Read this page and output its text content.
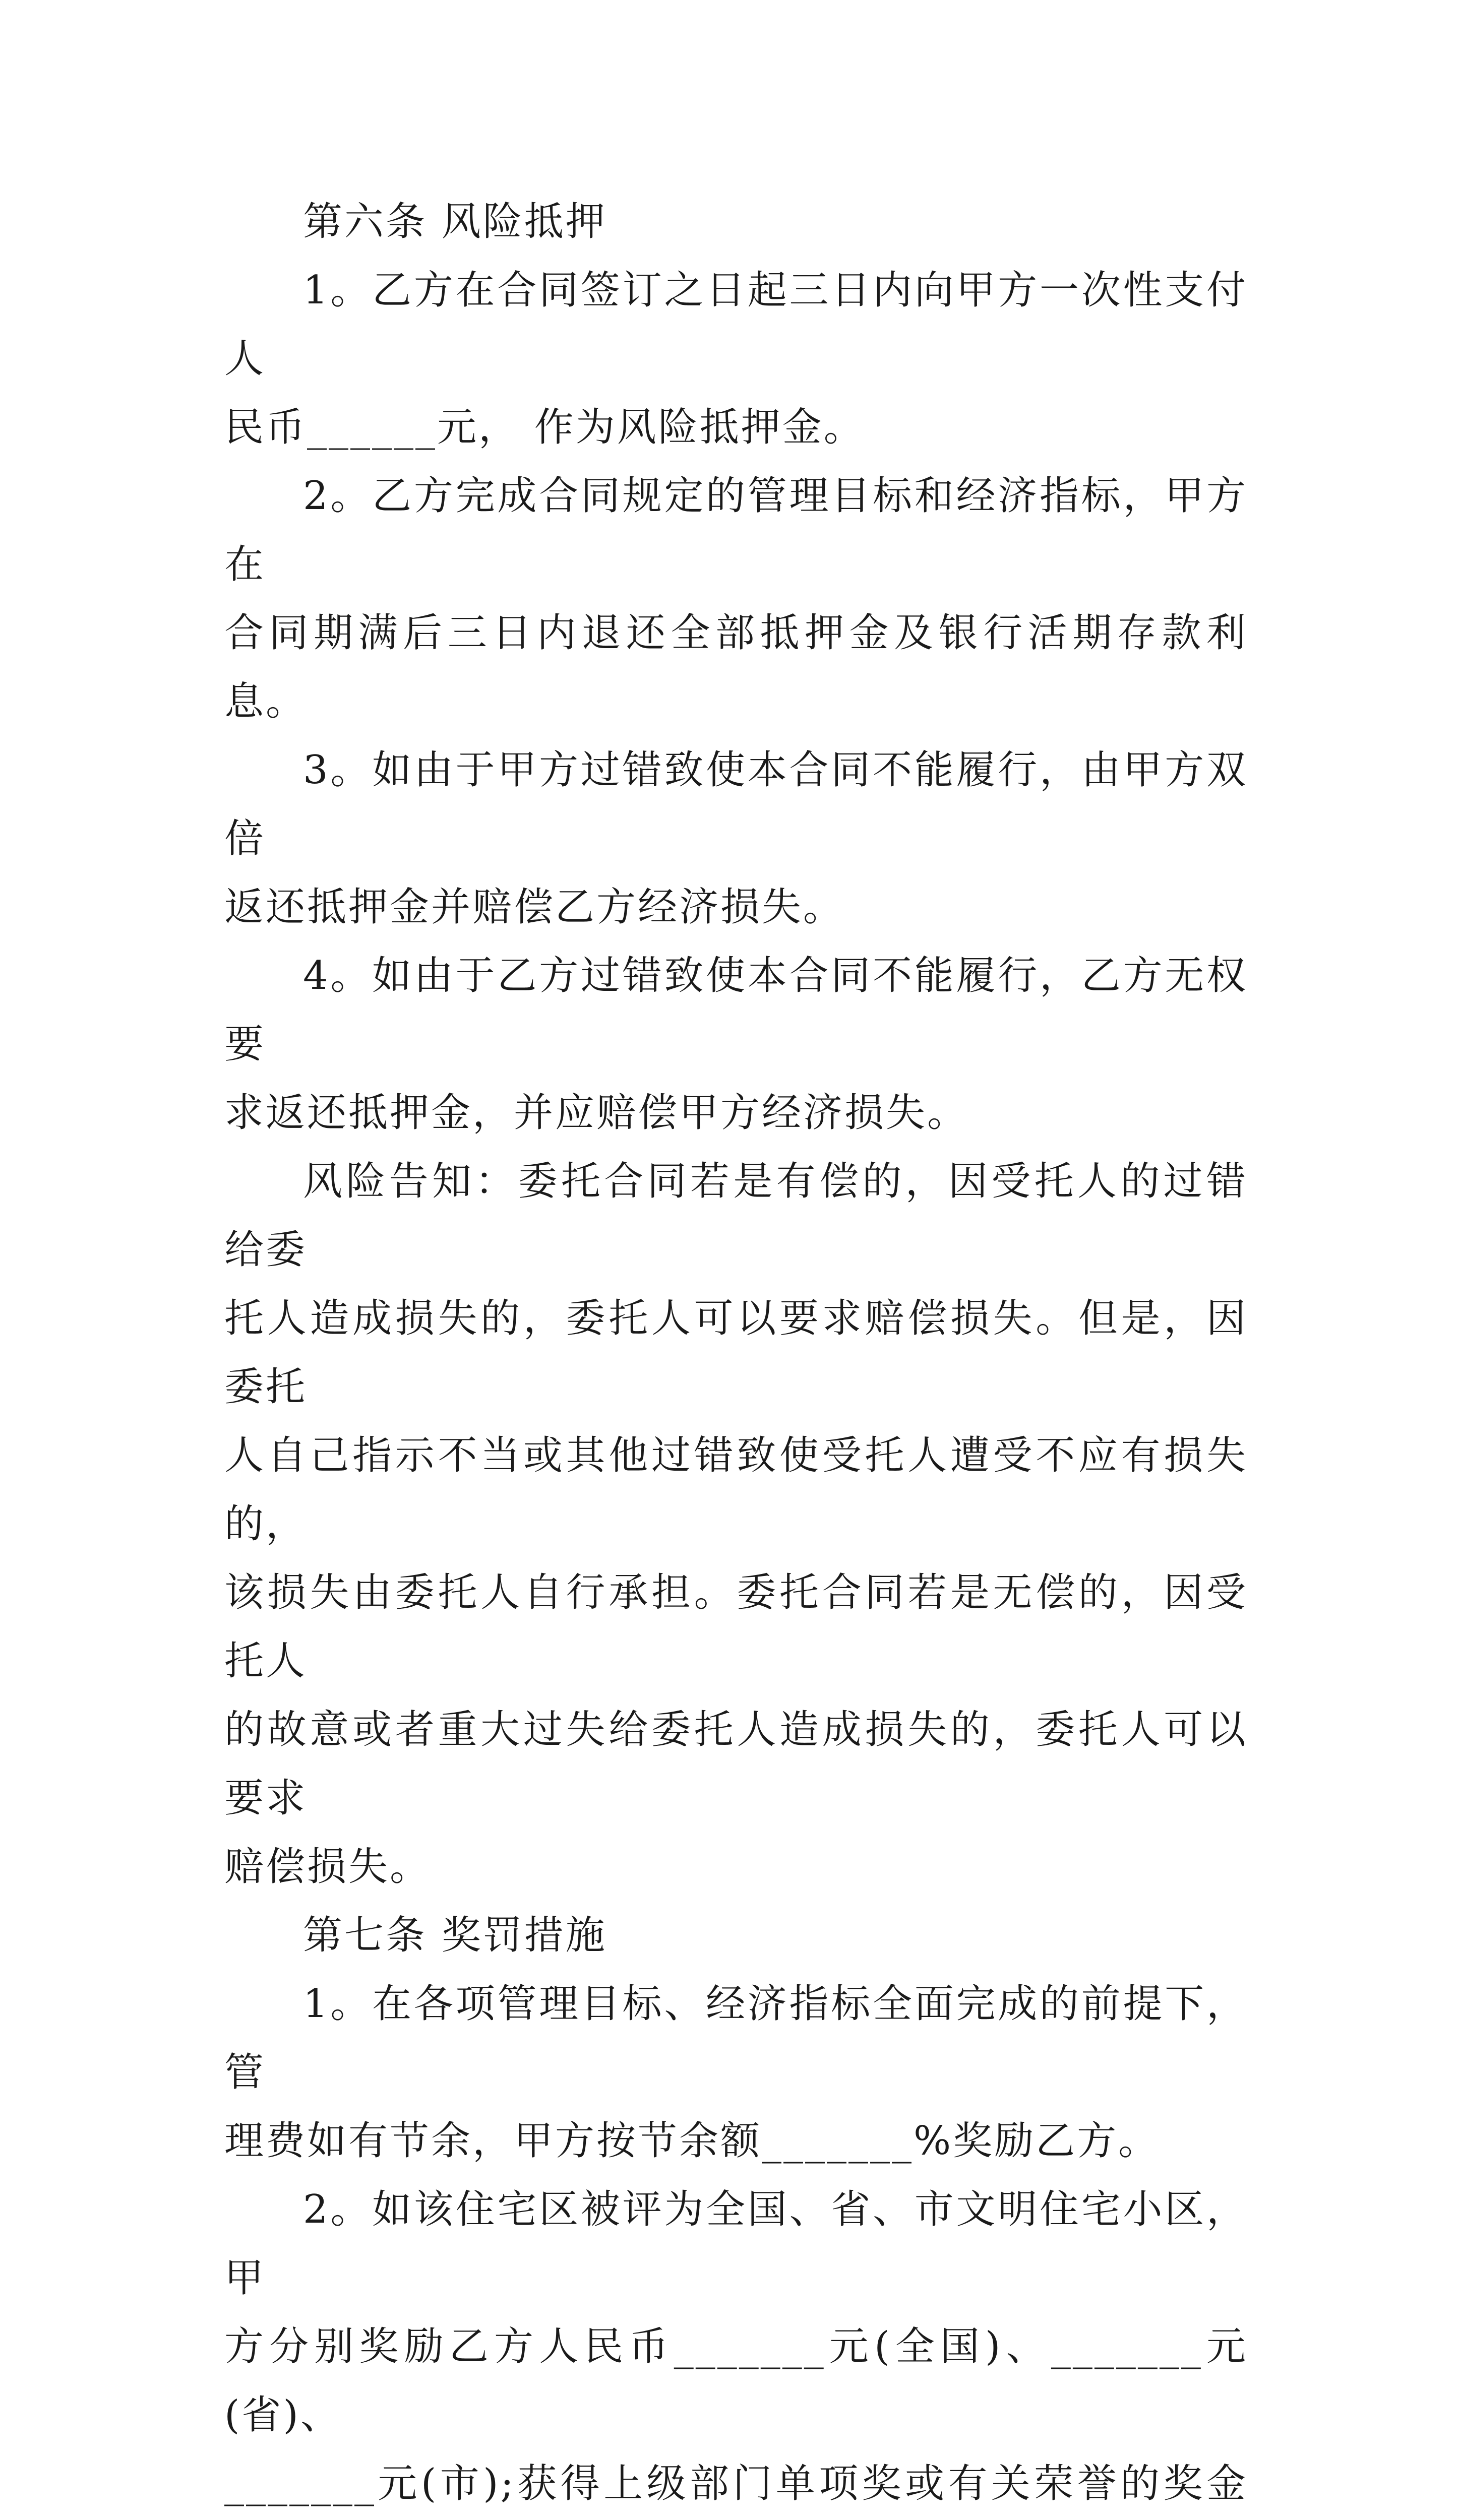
第六条 风险抵押
1。乙方在合同签订之日起三日内向甲方一次性支付人
民币______元， 作为风险抵押金。
2。乙方完成合同规定的管理目标和经济指标，甲方在
合同期满后三日内退还全部抵押金及银行活期存款利息。
3。如由于甲方过错致使本合同不能履行，由甲方双倍
返还抵押金并赔偿乙方经济损失。
4。如由于乙方过错致使本合同不能履行，乙方无权要
求返还抵押金，并应赔偿甲方经济损失。
风险告知：委托合同若是有偿的，因受托人的过错给委
托人造成损失的，委托人可以要求赔偿损失。但是，因委托
人自己指示不当或其他过错致使受托人遭受不应有损失的，
该损失由委托人自行承担。委托合同若是无偿的，因受托人
的故意或者重大过失给委托人造成损失的，委托人可以要求
赔偿损失。
第七条 奖罚措施
1。在各项管理目标、经济指标全面完成的前提下，管
理费如有节余，甲方按节余额_______%奖励乙方。
2。如该住宅区被评为全国、省、市文明住宅小区，甲
方分别奖励乙方人民币_______元(全国)、_______元(省)、
_______元(市);获得上级部门单项奖或有关荣誉的奖金
